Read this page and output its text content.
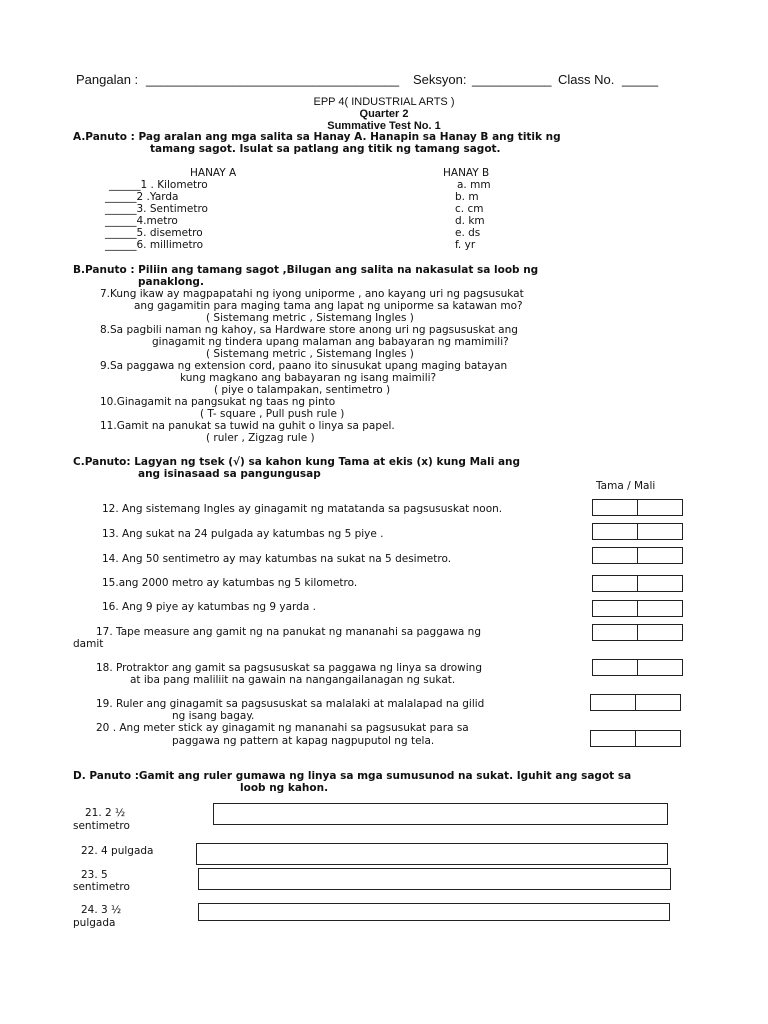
Pangalan : ___________________________________ Seksyon: ___________ Class No. _____
EPP 4( INDUSTRIAL ARTS )
Quarter 2
Summative Test No. 1
A.Panuto : Pag aralan ang mga salita sa Hanay A. Hanapin sa Hanay B ang titik ng
tamang sagot. Isulat sa patlang ang titik ng tamang sagot.
HANAY A	HANAY B
______1 . Kilometro
______2 .Yarda
______3. Sentimetro
______4.metro
______5. disemetro
______6. millimetro
a. mm
b. m
c. cm
d. km
e. ds
f. yr
B.Panuto : Piliin ang tamang sagot ,Bilugan ang salita na nakasulat sa loob ng
panaklong.
7.Kung ikaw ay magpapatahi ng iyong uniporme , ano kayang uri ng pagsusukat
ang gagamitin para maging tama ang lapat ng uniporme sa katawan mo?
( Sistemang metric , Sistemang Ingles )
8.Sa pagbili naman ng kahoy, sa Hardware store anong uri ng pagsususkat ang
ginagamit ng tindera upang malaman ang babayaran ng mamimili?
( Sistemang metric , Sistemang Ingles )
9.Sa paggawa ng extension cord, paano ito sinusukat upang maging batayan
kung magkano ang babayaran ng isang maimili?
( piye o talampakan, sentimetro )
10.Ginagamit na pangsukat ng taas ng pinto
( T- square , Pull push rule )
11.Gamit na panukat sa tuwid na guhit o linya sa papel.
( ruler , Zigzag rule )
C.Panuto: Lagyan ng tsek (√) sa kahon kung Tama at ekis (x) kung Mali ang
ang isinasaad sa pangungusap
Tama / Mali
12. Ang sistemang Ingles ay ginagamit ng matatanda sa pagsususkat noon.
13. Ang sukat na 24 pulgada ay katumbas ng 5 piye .
14. Ang 50 sentimetro ay may katumbas na sukat na 5 desimetro.
15.ang 2000 metro ay katumbas ng 5 kilometro.
16. Ang 9 piye ay katumbas ng 9 yarda .
17. Tape measure ang gamit ng na panukat ng mananahi sa paggawa ng
damit
18. Protraktor ang gamit sa pagsususkat sa paggawa ng linya sa drowing
at iba pang maliliit na gawain na nangangailanagan ng sukat.
19. Ruler ang ginagamit sa pagsususkat sa malalaki at malalapad na gilid
ng isang bagay.
20 . Ang meter stick ay ginagamit ng mananahi sa pagsusukat para sa
paggawa ng pattern at kapag nagpuputol ng tela.
D. Panuto :Gamit ang ruler gumawa ng linya sa mga sumusunod na sukat. Iguhit ang sagot sa
loob ng kahon.
21. 2 ½
sentimetro
22. 4 pulgada
23. 5
sentimetro
24. 3 ½
pulgada
